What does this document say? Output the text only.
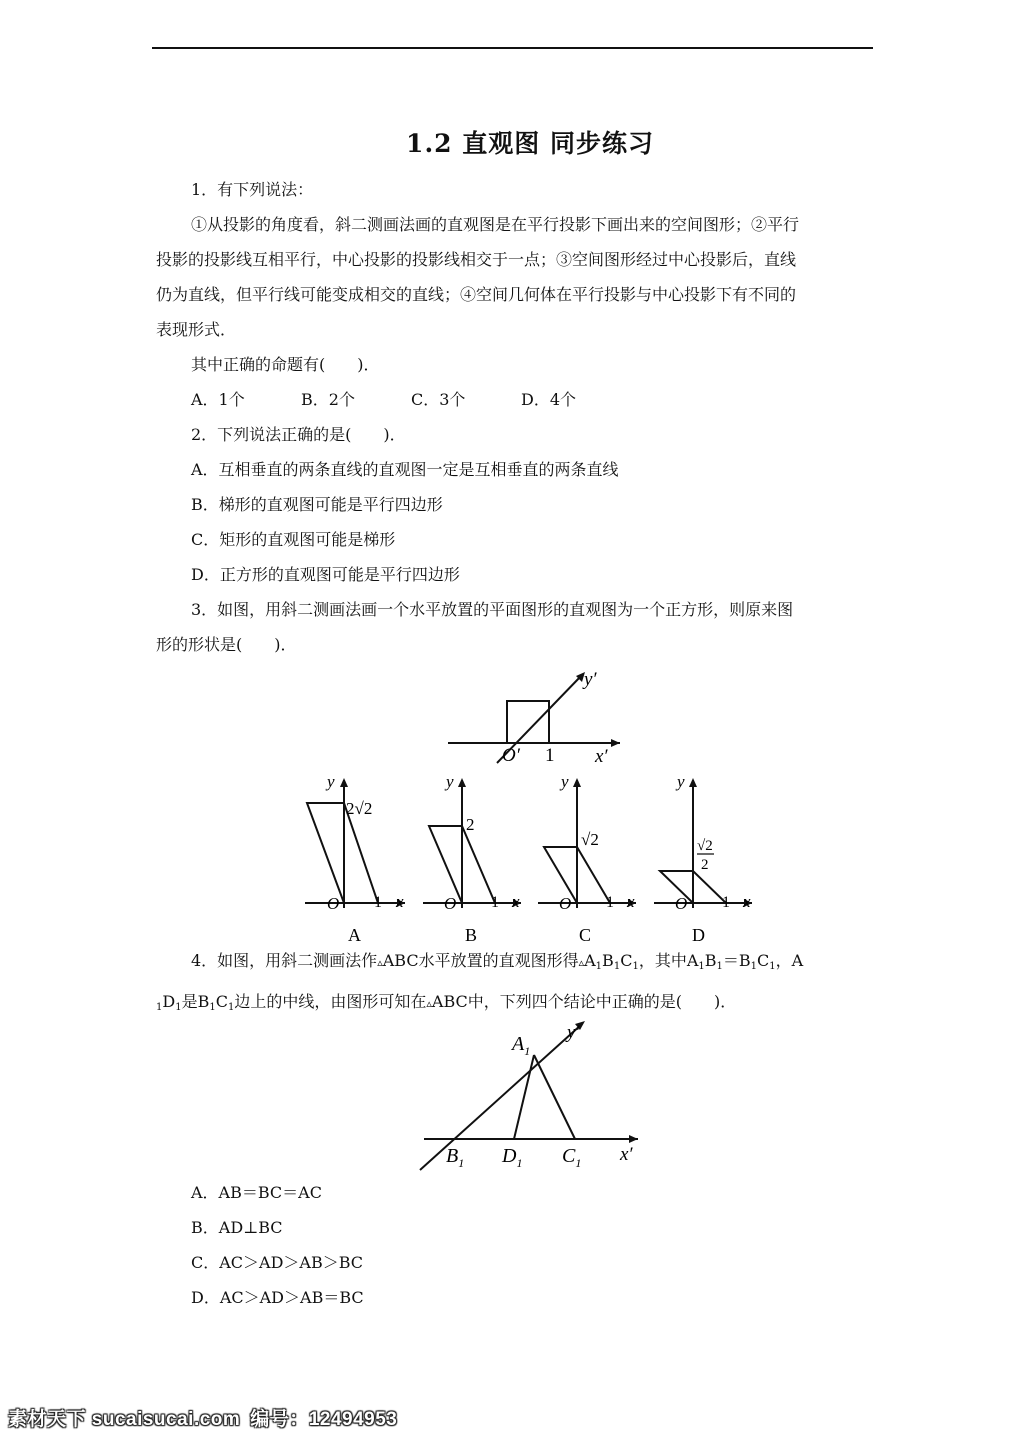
1.2 直观图 同步练习
1．有下列说法：
①从投影的角度看，斜二测画法画的直观图是在平行投影下画出来的空间图形；②平行
投影的投影线互相平行，中心投影的投影线相交于一点；③空间图形经过中心投影后，直线
仍为直线，但平行线可能变成相交的直线；④空间几何体在平行投影与中心投影下有不同的
表现形式．
其中正确的命题有(　　)．
A．1个	B．2个	C．3个	D．4个
2．下列说法正确的是(　　)．
A．互相垂直的两条直线的直观图一定是互相垂直的两条直线
B．梯形的直观图可能是平行四边形
C．矩形的直观图可能是梯形
D．正方形的直观图可能是平行四边形
3．如图，用斜二测画法画一个水平放置的平面图形的直观图为一个正方形，则原来图
形的形状是(　　)．
y′
x′
O′ 1
y
x
O 1
2√2
A
y
x
O 1
2
B
y
x
O 1
√2
C
y
x
O 1
√2
2
D
4．如图，用斜二测画法作▵ABC水平放置的直观图形得$▵A_1B_1C_1$，其中$A_1B_1=B_1C_1$，A
$_1D_1$是$B_1C_1$边上的中线，由图形可知在▵ABC中，下列四个结论中正确的是(　　)．
$A_1$
$B_1$ $D_1$ $C_1$
y′
x′
A．AB＝BC＝AC
B．AD⊥BC
C．AC＞AD＞AB＞BC
D．AC＞AD＞AB＝BC
素材天下 sucaisucai.com 编号：12494953
